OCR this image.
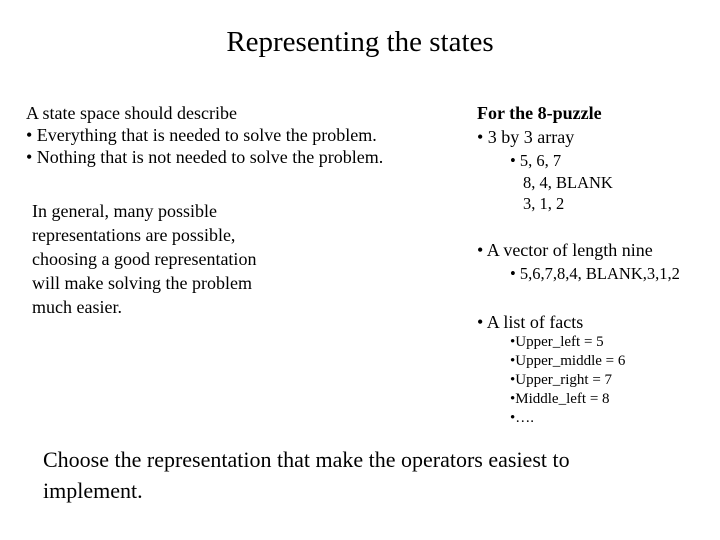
Representing the states
A state space should describe
• Everything that is needed to solve the problem.
• Nothing that is not needed to solve the problem.
In general, many possible
representations are possible,
choosing a good representation
will make solving the problem
much easier.
For the 8-puzzle
• 3 by 3 array
• 5, 6, 7
8, 4, BLANK
3, 1, 2
• A vector of length nine
• 5,6,7,8,4, BLANK,3,1,2
• A list of facts
•Upper_left = 5
•Upper_middle = 6
•Upper_right = 7
•Middle_left = 8
•….
Choose the representation that make the operators easiest to
implement.
